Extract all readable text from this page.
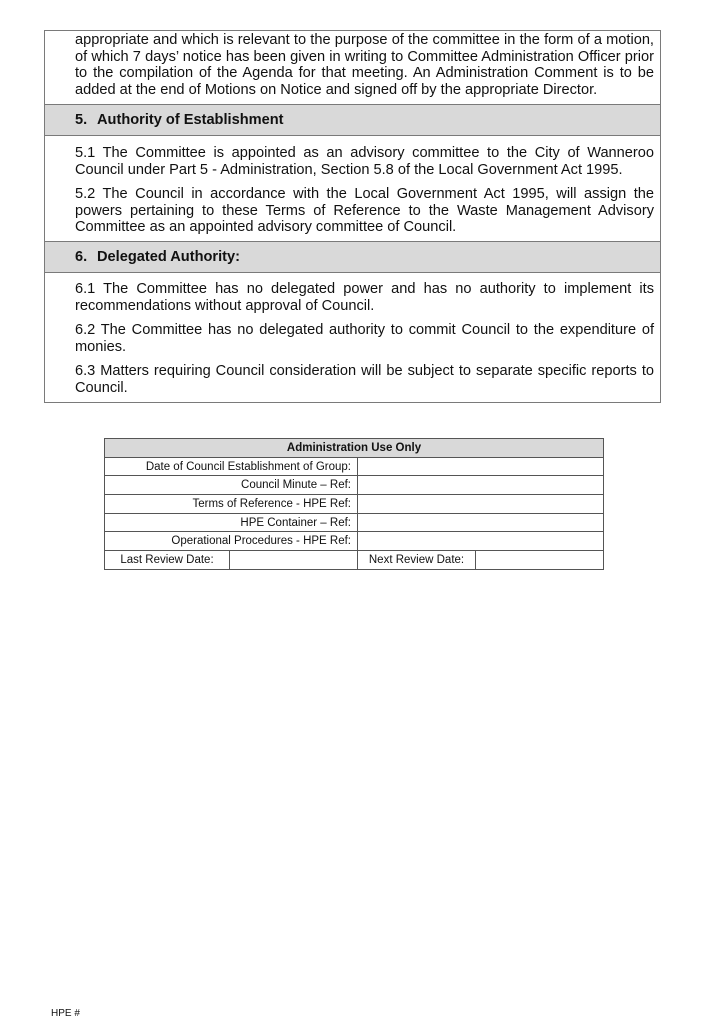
appropriate and which is relevant to the purpose of the committee in the form of a motion, of which 7 days’ notice has been given in writing to Committee Administration Officer prior to the compilation of the Agenda for that meeting. An Administration Comment is to be added at the end of Motions on Notice and signed off by the appropriate Director.

5. Authority of Establishment

5.1 The Committee is appointed as an advisory committee to the City of Wanneroo Council under Part 5 - Administration, Section 5.8 of the Local Government Act 1995.

5.2 The Council in accordance with the Local Government Act 1995, will assign the powers pertaining to these Terms of Reference to the Waste Management Advisory Committee as an appointed advisory committee of Council.

6. Delegated Authority:

6.1 The Committee has no delegated power and has no authority to implement its recommendations without approval of Council.

6.2 The Committee has no delegated authority to commit Council to the expenditure of monies.

6.3 Matters requiring Council consideration will be subject to separate specific reports to Council.

Administration Use Only			
Date of Council Establishment of Group:			
Council Minute – Ref:			
Terms of Reference - HPE Ref:			
HPE Container – Ref:			
Operational Procedures - HPE Ref:			
Last Review Date:		Next Review Date:	
HPE #
